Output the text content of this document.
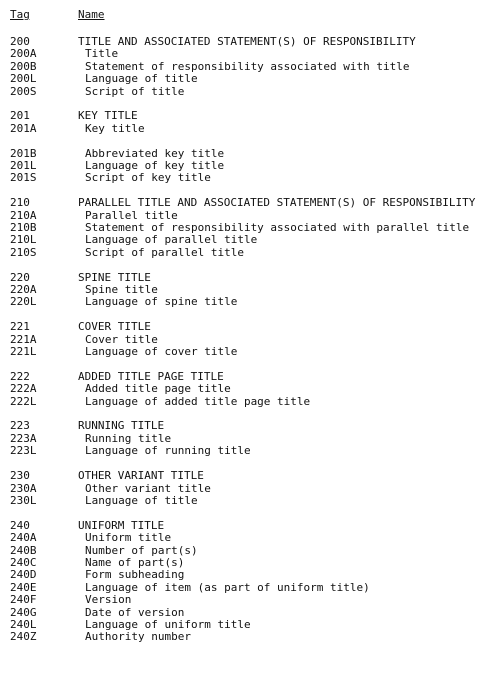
Tag	Name
200	TITLE AND ASSOCIATED STATEMENT(S) OF RESPONSIBILITY
200A	Title
200B	Statement of responsibility associated with title
200L	Language of title
200S	Script of title
201	KEY TITLE
201A	Key title
201B	Abbreviated key title
201L	Language of key title
201S	Script of key title
210	PARALLEL TITLE AND ASSOCIATED STATEMENT(S) OF RESPONSIBILITY
210A	Parallel title
210B	Statement of responsibility associated with parallel title
210L	Language of parallel title
210S	Script of parallel title
220	SPINE TITLE
220A	Spine title
220L	Language of spine title
221	COVER TITLE
221A	Cover title
221L	Language of cover title
222	ADDED TITLE PAGE TITLE
222A	Added title page title
222L	Language of added title page title
223	RUNNING TITLE
223A	Running title
223L	Language of running title
230	OTHER VARIANT TITLE
230A	Other variant title
230L	Language of title
240	UNIFORM TITLE
240A	Uniform title
240B	Number of part(s)
240C	Name of part(s)
240D	Form subheading
240E	Language of item (as part of uniform title)
240F	Version
240G	Date of version
240L	Language of uniform title
240Z	Authority number
